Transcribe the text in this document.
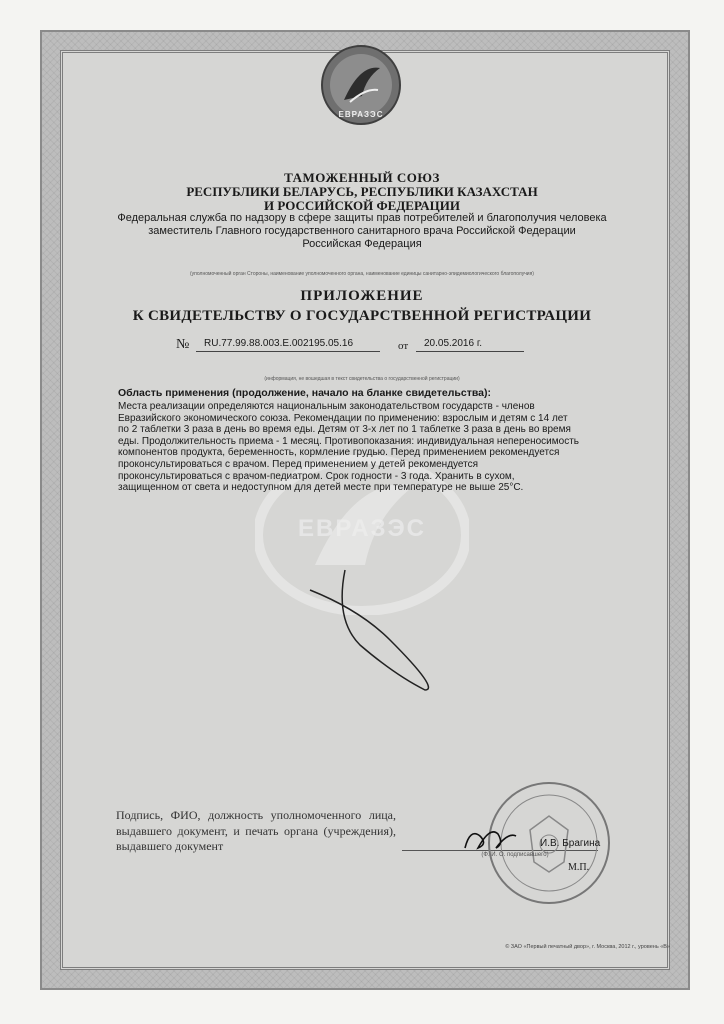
ЕВРАЗЭС
ТАМОЖЕННЫЙ СОЮЗ
РЕСПУБЛИКИ БЕЛАРУСЬ, РЕСПУБЛИКИ КАЗАХСТАН
И РОССИЙСКОЙ ФЕДЕРАЦИИ
Федеральная служба по надзору в сфере защиты прав потребителей и благополучия человека
заместитель Главного государственного санитарного врача Российской Федерации
Российская Федерация
(уполномоченный орган Стороны, наименование уполномоченного органа, наименование единицы санитарно-эпидемиологического благополучия)
ПРИЛОЖЕНИЕ
К СВИДЕТЕЛЬСТВУ О ГОСУДАРСТВЕННОЙ РЕГИСТРАЦИИ
№ RU.77.99.88.003.E.002195.05.16	от 20.05.2016 г.
(информация, не вошедшая в текст свидетельства о государственной регистрации)
ЕВРАЗЭС
Область применения (продолжение, начало на бланке свидетельства):
Места реализации определяются национальным законодательством государств - членов
Евразийского экономического союза. Рекомендации по применению: взрослым и детям с 14 лет
по 2 таблетки 3 раза в день во время еды. Детям от 3-х лет по 1 таблетке 3 раза в день во время
еды. Продолжительность приема - 1 месяц. Противопоказания: индивидуальная непереносимость
компонентов продукта, беременность, кормление грудью. Перед применением рекомендуется
проконсультироваться с врачом. Перед применением у детей рекомендуется
проконсультироваться с врачом-педиатром. Срок годности - 3 года. Хранить в сухом,
защищенном от света и недоступном для детей месте при температуре не выше 25°С.
Подпись, ФИО, должность уполномоченного лица, выдавшего документ, и печать органа (учреждения), выдавшего документ	И.В. Брагина
(Ф. И. О. подписавшего)
М.П.
© ЗАО «Первый печатный двор», г. Москва, 2012 г., уровень «В»
